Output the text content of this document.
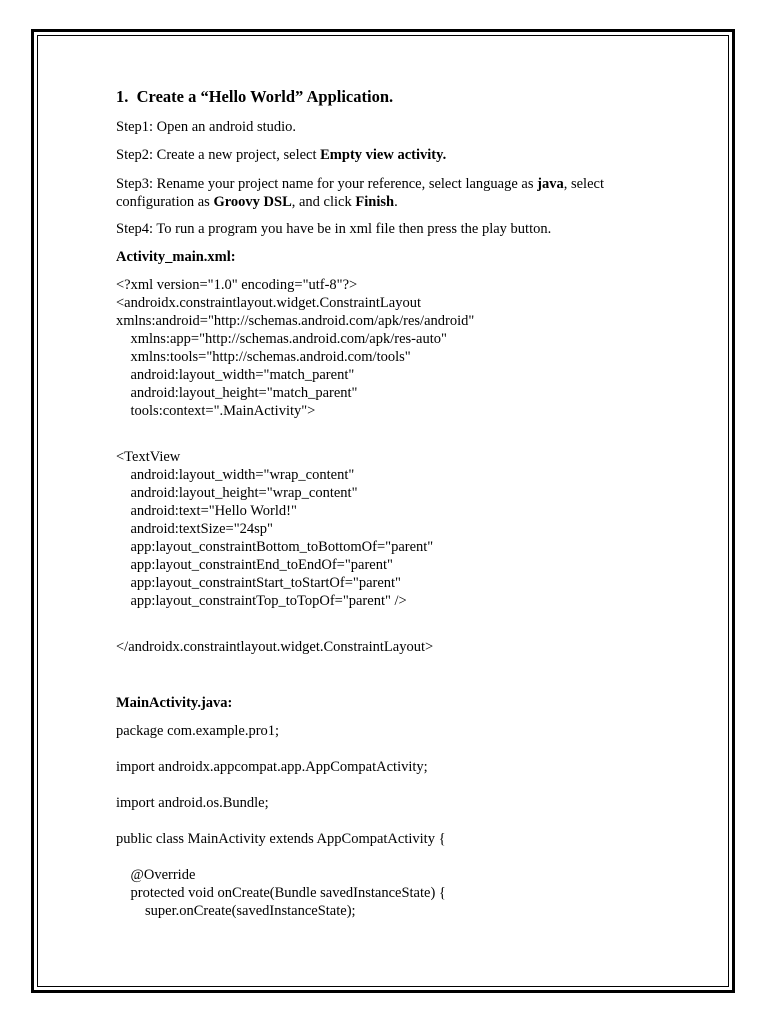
1. Create a “Hello World” Application.
Step1: Open an android studio.
Step2: Create a new project, select Empty view activity.
Step3: Rename your project name for your reference, select language as java, select
configuration as Groovy DSL, and click Finish.
Step4: To run a program you have be in xml file then press the play button.
Activity_main.xml:
<?xml version="1.0" encoding="utf-8"?>
<androidx.constraintlayout.widget.ConstraintLayout
xmlns:android="http://schemas.android.com/apk/res/android"
xmlns:app="http://schemas.android.com/apk/res-auto"
xmlns:tools="http://schemas.android.com/tools"
android:layout_width="match_parent"
android:layout_height="match_parent"
tools:context=".MainActivity">
<TextView
android:layout_width="wrap_content"
android:layout_height="wrap_content"
android:text="Hello World!"
android:textSize="24sp"
app:layout_constraintBottom_toBottomOf="parent"
app:layout_constraintEnd_toEndOf="parent"
app:layout_constraintStart_toStartOf="parent"
app:layout_constraintTop_toTopOf="parent" />
</androidx.constraintlayout.widget.ConstraintLayout>
MainActivity.java:
package com.example.pro1;
import androidx.appcompat.app.AppCompatActivity;
import android.os.Bundle;
public class MainActivity extends AppCompatActivity {
@Override
protected void onCreate(Bundle savedInstanceState) {
super.onCreate(savedInstanceState);
